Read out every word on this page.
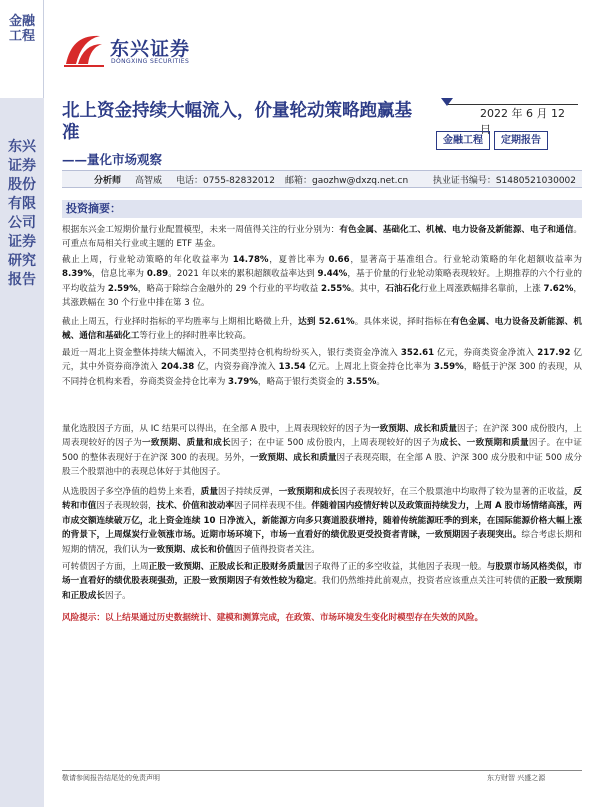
金融工程
东兴证券股份有限公司证券研究报告
东兴证券
DONGXING SECURITIES
北上资金持续大幅流入，价量轮动策略跑赢基准
——量化市场观察
2022 年 6 月 12 日
金融工程	定期报告
分析师 高智威 电话：0755-82832012 邮箱：gaozhw@dxzq.net.cn	执业证书编号：S1480521030002
投资摘要：
根据东兴金工短期价量行业配置模型，未来一周值得关注的行业分别为：有色金属、基础化工、机械、电力设备及新能源、电子和通信。可重点布局相关行业或主题的 ETF 基金。
截止上周，行业轮动策略的年化收益率为 14.78%，夏普比率为 0.66，显著高于基准组合。行业轮动策略的年化超额收益率为 8.39%，信息比率为 0.89。2021 年以来的累积超额收益率达到 9.44%，基于价量的行业轮动策略表现较好。上期推荐的六个行业的平均收益为 2.59%，略高于除综合金融外的 29 个行业的平均收益 2.55%。其中，石油石化行业上周涨跌幅排名靠前，上涨 7.62%，其涨跌幅在 30 个行业中排在第 3 位。
截止上周五，行业择时指标的平均胜率与上期相比略微上升，达到 52.61%。具体来说，择时指标在有色金属、电力设备及新能源、机械、通信和基础化工等行业上的择时胜率比较高。
最近一周北上资金整体持续大幅流入，不同类型持仓机构纷纷买入，银行类资金净流入 352.61 亿元，券商类资金净流入 217.92 亿元，其中外资券商净流入 204.38 亿，内资券商净流入 13.54 亿元。上周北上资金持仓比率为 3.59%，略低于沪深 300 的表现，从不同持仓机构来看，券商类资金持仓比率为 3.79%，略高于银行类资金的 3.55%。
量化选股因子方面，从 IC 结果可以得出，在全部 A 股中，上周表现较好的因子为一致预期、成长和质量因子；在沪深 300 成份股内，上周表现较好的因子为一致预期、质量和成长因子；在中证 500 成份股内，上周表现较好的因子为成长、一致预期和质量因子。在中证 500 的整体表现好于在沪深 300 的表现。另外，一致预期、成长和质量因子表现亮眼，在全部 A 股、沪深 300 成分股和中证 500 成分股三个股票池中的表现总体好于其他因子。
从选股因子多空净值的趋势上来看，质量因子持续反弹，一致预期和成长因子表现较好，在三个股票池中均取得了较为显著的正收益，反转和市值因子表现较弱，技术、价值和波动率因子同样表现不佳。伴随着国内疫情好转以及政策面持续发力，上周 A 股市场情绪高涨，两市成交额连续破万亿，北上资金连续 10 日净流入，新能源方向多只赛道股获增持，随着传统能源旺季的到来，在国际能源价格大幅上涨的背景下，上周煤炭行业领涨市场。近期市场环境下，市场一直看好的绩优股更受投资者青睐，一致预期因子表现突出。综合考虑长期和短期的情况，我们认为一致预期、成长和价值因子值得投资者关注。
可转债因子方面，上周正股一致预期、正股成长和正股财务质量因子取得了正的多空收益，其他因子表现一般。与股票市场风格类似，市场一直看好的绩优股表现强劲，正股一致预期因子有效性较为稳定。我们仍然维持此前观点，投资者应该重点关注可转债的正股一致预期和正股成长因子。
风险提示：以上结果通过历史数据统计、建模和测算完成，在政策、市场环境发生变化时模型存在失效的风险。
敬请参阅报告结尾处的免责声明	东方财智 兴盛之源
